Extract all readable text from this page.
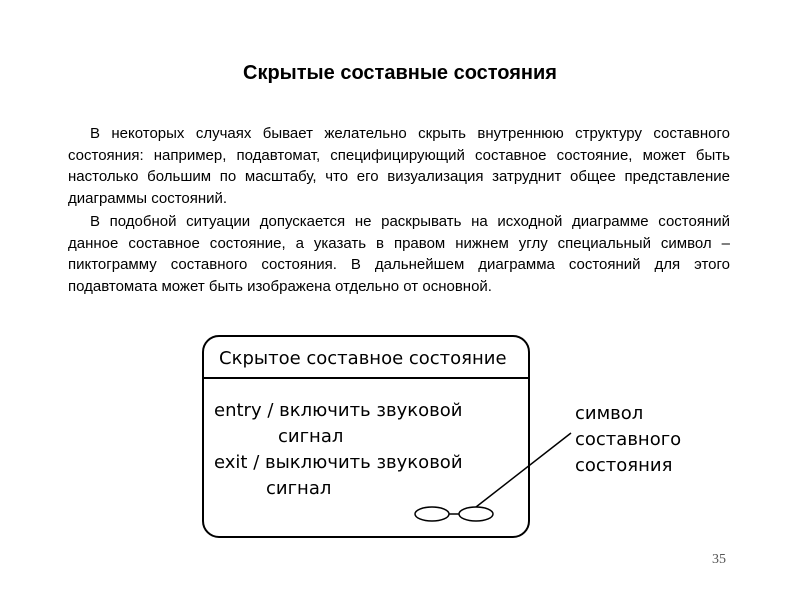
Скрытые составные состояния

В некоторых случаях бывает желательно скрыть внутреннюю структуру составного состояния: например, подавтомат, специфицирующий составное состояние, может быть настолько большим по масштабу, что его визуализация затруднит общее представление диаграммы состояний.

В подобной ситуации допускается не раскрывать на исходной диаграмме состояний данное составное состояние, а указать в правом нижнем углу специальный символ – пиктограмму составного состояния. В дальнейшем диаграмма состояний для этого подавтомата может быть изображена отдельно от основной.

Скрытое составное состояние
entry / включить звуковой
сигнал
exit / выключить звуковой
сигнал
символ
составного
состояния
35
